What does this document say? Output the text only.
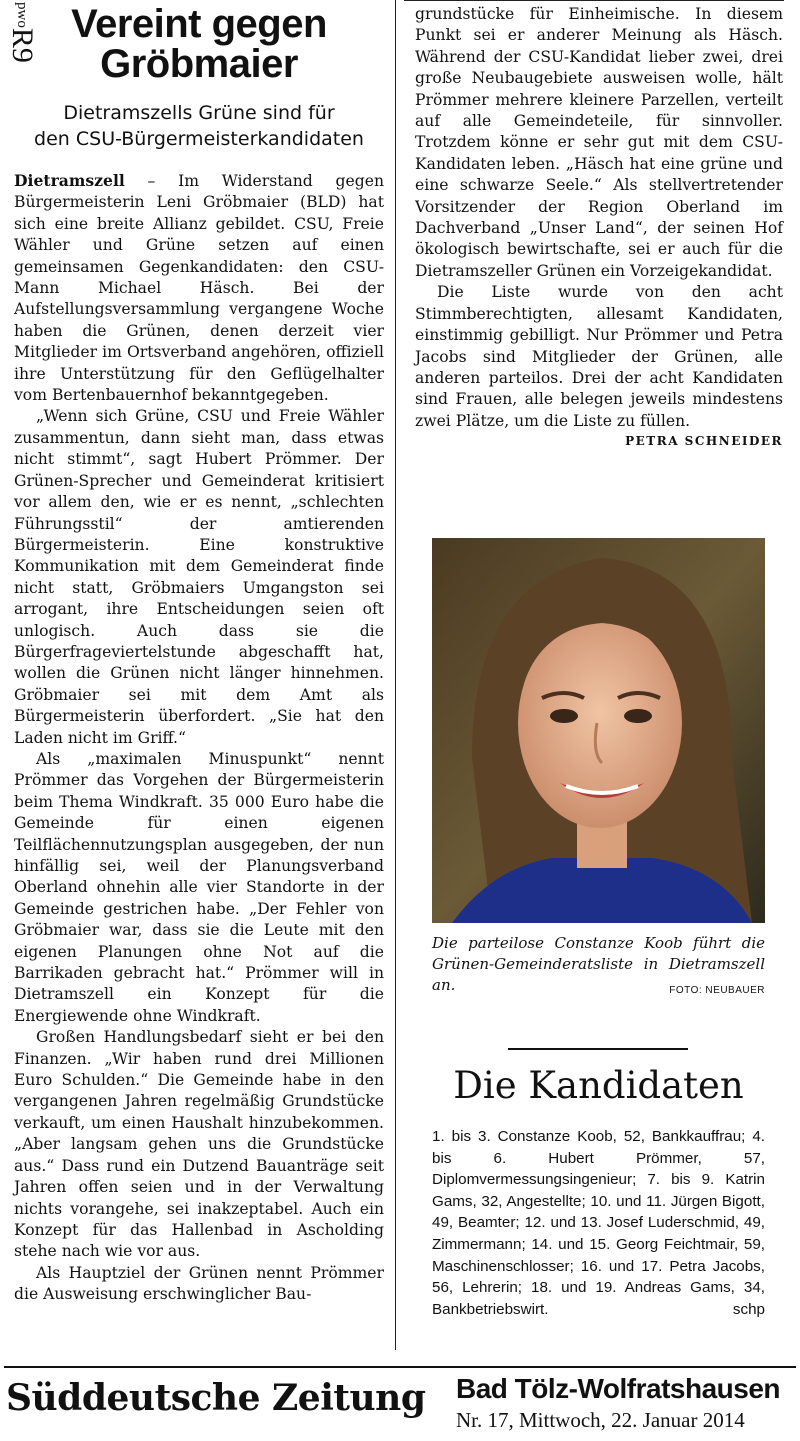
pwoR9 Vereint gegen
Gröbmaier
Dietramszells Grüne sind für
den CSU-Bürgermeisterkandidaten

Dietramszell – Im Widerstand gegen Bürgermeisterin Leni Gröbmaier (BLD) hat sich eine breite Allianz gebildet. CSU, Freie Wähler und Grüne setzen auf einen gemeinsamen Gegenkandidaten: den CSU-Mann Michael Häsch. Bei der Aufstellungsversammlung vergangene Woche haben die Grünen, denen derzeit vier Mitglieder im Ortsverband angehören, offiziell ihre Unterstützung für den Geflügelhalter vom Bertenbauernhof bekanntgegeben.

„Wenn sich Grüne, CSU und Freie Wähler zusammentun, dann sieht man, dass etwas nicht stimmt“, sagt Hubert Prömmer. Der Grünen-Sprecher und Gemeinderat kritisiert vor allem den, wie er es nennt, „schlechten Führungsstil“ der amtierenden Bürgermeisterin. Eine konstruktive Kommunikation mit dem Gemeinderat finde nicht statt, Gröbmaiers Umgangston sei arrogant, ihre Entscheidungen seien oft unlogisch. Auch dass sie die Bürgerfrageviertelstunde abgeschafft hat, wollen die Grünen nicht länger hinnehmen. Gröbmaier sei mit dem Amt als Bürgermeisterin überfordert. „Sie hat den Laden nicht im Griff.“

Als „maximalen Minuspunkt“ nennt Prömmer das Vorgehen der Bürgermeisterin beim Thema Windkraft. 35 000 Euro habe die Gemeinde für einen eigenen Teilflächennutzungsplan ausgegeben, der nun hinfällig sei, weil der Planungsverband Oberland ohnehin alle vier Standorte in der Gemeinde gestrichen habe. „Der Fehler von Gröbmaier war, dass sie die Leute mit den eigenen Planungen ohne Not auf die Barrikaden gebracht hat.“ Prömmer will in Dietramszell ein Konzept für die Energiewende ohne Windkraft.

Großen Handlungsbedarf sieht er bei den Finanzen. „Wir haben rund drei Millionen Euro Schulden.“ Die Gemeinde habe in den vergangenen Jahren regelmäßig Grundstücke verkauft, um einen Haushalt hinzubekommen. „Aber langsam gehen uns die Grundstücke aus.“ Dass rund ein Dutzend Bauanträge seit Jahren offen seien und in der Verwaltung nichts vorangehe, sei inakzeptabel. Auch ein Konzept für das Hallenbad in Ascholding stehe nach wie vor aus.

Als Hauptziel der Grünen nennt Prömmer die Ausweisung erschwinglicher Bau-

grundstücke für Einheimische. In diesem Punkt sei er anderer Meinung als Häsch. Während der CSU-Kandidat lieber zwei, drei große Neubaugebiete ausweisen wolle, hält Prömmer mehrere kleinere Parzellen, verteilt auf alle Gemeindeteile, für sinnvoller. Trotzdem könne er sehr gut mit dem CSU-Kandidaten leben. „Häsch hat eine grüne und eine schwarze Seele.“ Als stellvertretender Vorsitzender der Region Oberland im Dachverband „Unser Land“, der seinen Hof ökologisch bewirtschafte, sei er auch für die Dietramszeller Grünen ein Vorzeigekandidat.

Die Liste wurde von den acht Stimmberechtigten, allesamt Kandidaten, einstimmig gebilligt. Nur Prömmer und Petra Jacobs sind Mitglieder der Grünen, alle anderen parteilos. Drei der acht Kandidaten sind Frauen, alle belegen jeweils mindestens zwei Plätze, um die Liste zu füllen.

PETRA SCHNEIDER
Die parteilose Constanze Koob führt die Grünen-Gemeinderatsliste in Dietramszell an.	FOTO: NEUBAUER
Die Kandidaten
1. bis 3. Constanze Koob, 52, Bankkauffrau; 4. bis 6. Hubert Prömmer, 57, Diplomvermessungsingenieur; 7. bis 9. Katrin Gams, 32, Angestellte; 10. und 11. Jürgen Bigott, 49, Beamter; 12. und 13. Josef Luderschmid, 49, Zimmermann; 14. und 15. Georg Feichtmair, 59, Maschinenschlosser; 16. und 17. Petra Jacobs, 56, Lehrerin; 18. und 19. Andreas Gams, 34, Bankbetriebswirt.	schp
Süddeutsche Zeitung Bad Tölz-Wolfratshausen
Nr. 17, Mittwoch, 22. Januar 2014
